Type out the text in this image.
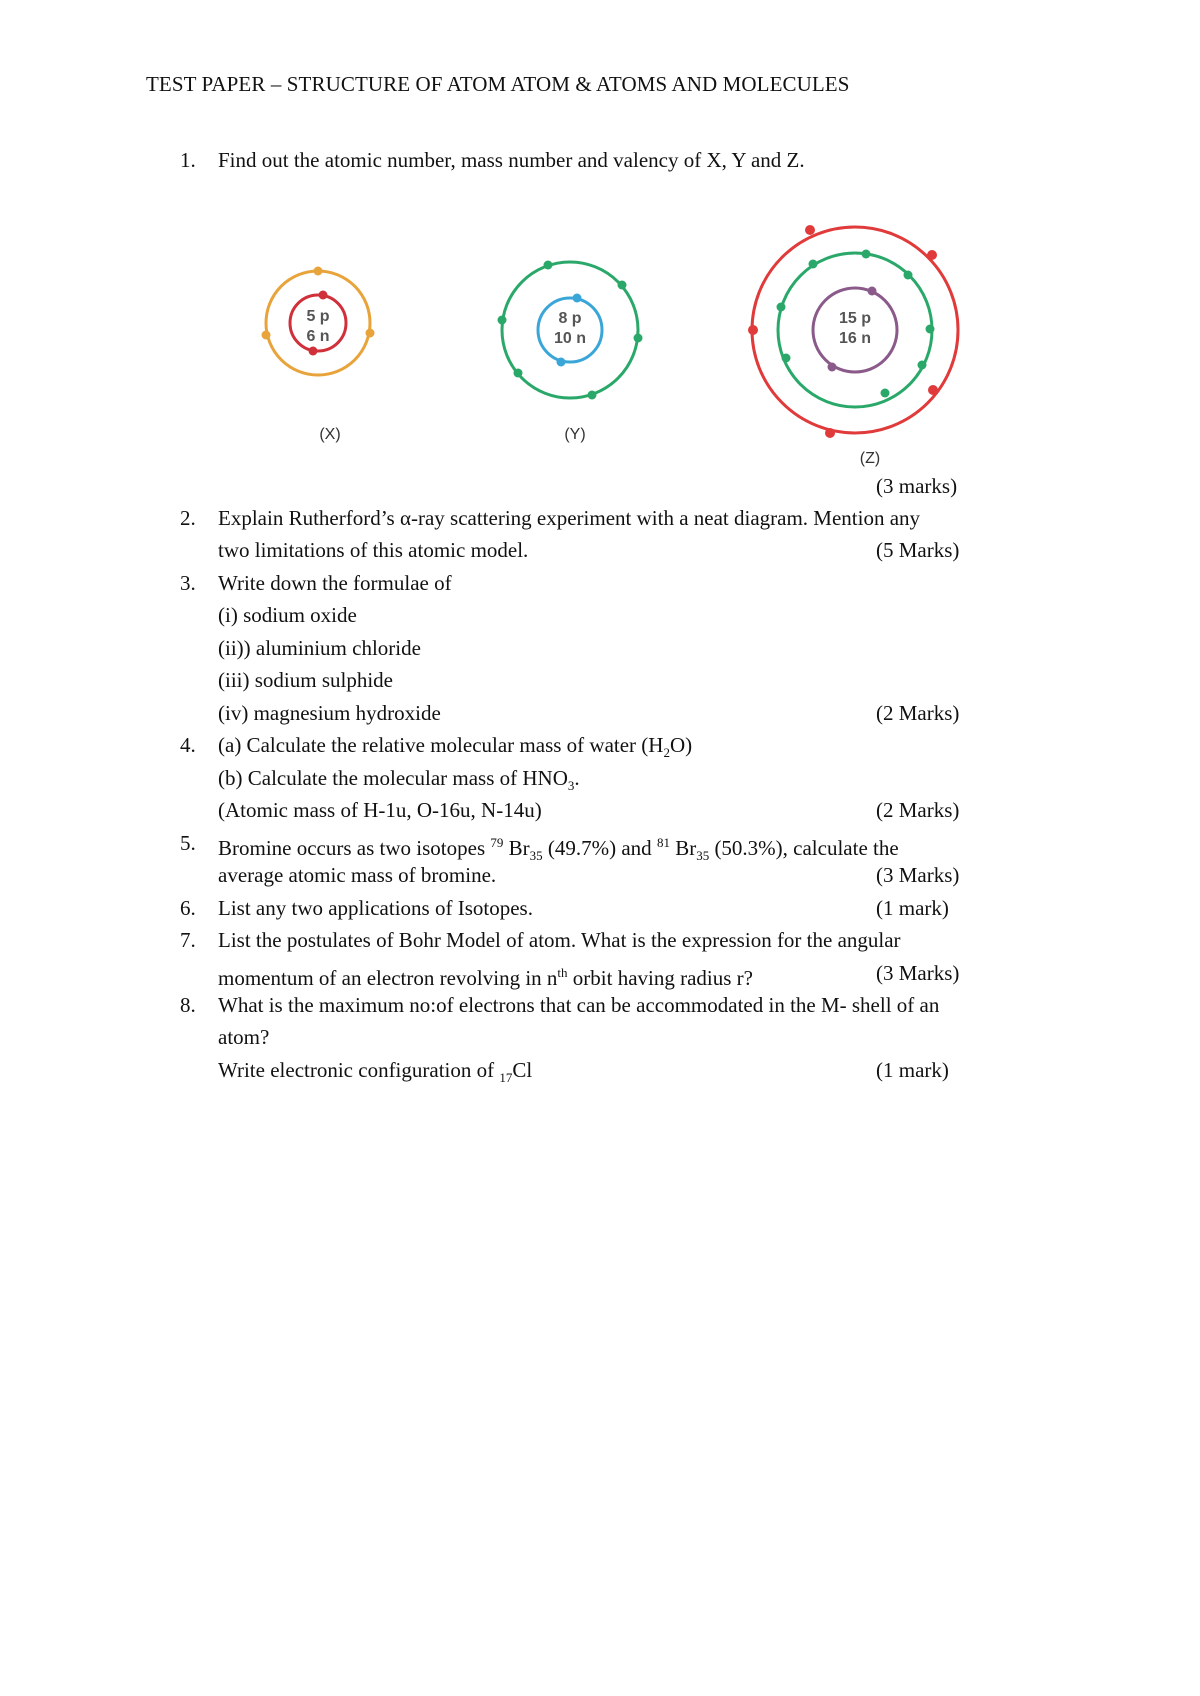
TEST PAPER – STRUCTURE OF ATOM ATOM & ATOMS AND MOLECULES
1. Find out the atomic number, mass number and valency of X, Y and Z.
5 p
6 n
(X)
8 p
10 n
(Y)
15 p
16 n
(Z)
(3 marks)
2. Explain Rutherford’s α-ray scattering experiment with a neat diagram. Mention any
two limitations of this atomic model.	(5 Marks)
3. Write down the formulae of
(i) sodium oxide
(ii)) aluminium chloride
(iii) sodium sulphide
(iv) magnesium hydroxide	(2 Marks)
4. (a) Calculate the relative molecular mass of water $(H_2O)$
(b) Calculate the molecular mass of $HNO_3$.
(Atomic mass of H-1u, O-16u, N-14u)	(2 Marks)
5. Bromine occurs as two isotopes $^{79}$ $Br_{35}$ (49.7%) and $^{81}$ $Br_{35}$ (50.3%), calculate the
average atomic mass of bromine.	(3 Marks)
6. List any two applications of Isotopes.	(1 mark)
7. List the postulates of Bohr Model of atom. What is the expression for the angular
momentum of an electron revolving in $n^{th}$ orbit having radius r?	(3 Marks)
8. What is the maximum no:of electrons that can be accommodated in the M- shell of an
atom?
Write electronic configuration of $_{17}$Cl	(1 mark)
